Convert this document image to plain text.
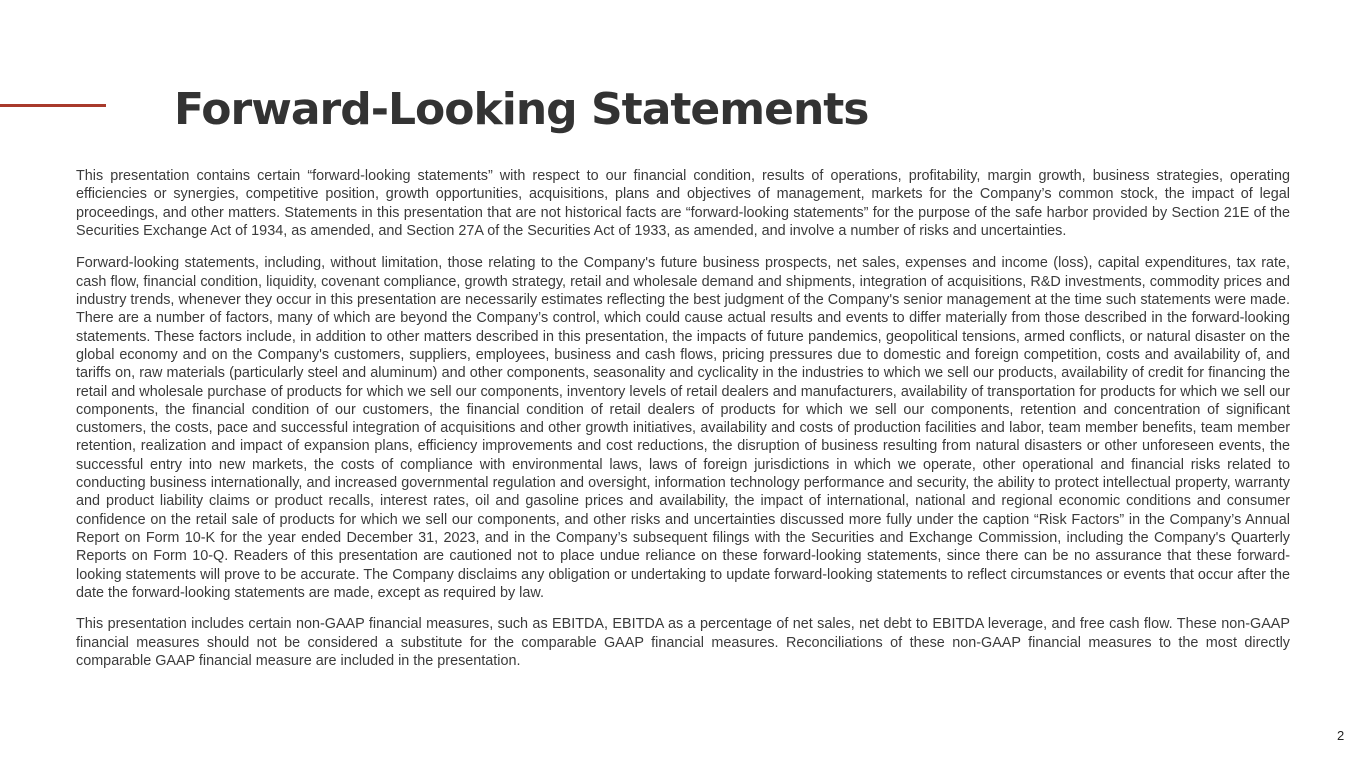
Forward-Looking Statements

This presentation contains certain “forward-looking statements” with respect to our financial condition, results of operations, profitability, margin growth, business strategies, operating efficiencies or synergies, competitive position, growth opportunities, acquisitions, plans and objectives of management, markets for the Company’s common stock, the impact of legal proceedings, and other matters. Statements in this presentation that are not historical facts are “forward-looking statements” for the purpose of the safe harbor provided by Section 21E of the Securities Exchange Act of 1934, as amended, and Section 27A of the Securities Act of 1933, as amended, and involve a number of risks and uncertainties.

Forward-looking statements, including, without limitation, those relating to the Company's future business prospects, net sales, expenses and income (loss), capital expenditures, tax rate, cash flow, financial condition, liquidity, covenant compliance, growth strategy, retail and wholesale demand and shipments, integration of acquisitions, R&D investments, commodity prices and industry trends, whenever they occur in this presentation are necessarily estimates reflecting the best judgment of the Company's senior management at the time such statements were made. There are a number of factors, many of which are beyond the Company’s control, which could cause actual results and events to differ materially from those described in the forward-looking statements. These factors include, in addition to other matters described in this presentation, the impacts of future pandemics, geopolitical tensions, armed conflicts, or natural disaster on the global economy and on the Company's customers, suppliers, employees, business and cash flows, pricing pressures due to domestic and foreign competition, costs and availability of, and tariffs on, raw materials (particularly steel and aluminum) and other components, seasonality and cyclicality in the industries to which we sell our products, availability of credit for financing the retail and wholesale purchase of products for which we sell our components, inventory levels of retail dealers and manufacturers, availability of transportation for products for which we sell our components, the financial condition of our customers, the financial condition of retail dealers of products for which we sell our components, retention and concentration of significant customers, the costs, pace and successful integration of acquisitions and other growth initiatives, availability and costs of production facilities and labor, team member benefits, team member retention, realization and impact of expansion plans, efficiency improvements and cost reductions, the disruption of business resulting from natural disasters or other unforeseen events, the successful entry into new markets, the costs of compliance with environmental laws, laws of foreign jurisdictions in which we operate, other operational and financial risks related to conducting business internationally, and increased governmental regulation and oversight, information technology performance and security, the ability to protect intellectual property, warranty and product liability claims or product recalls, interest rates, oil and gasoline prices and availability, the impact of international, national and regional economic conditions and consumer confidence on the retail sale of products for which we sell our components, and other risks and uncertainties discussed more fully under the caption “Risk Factors” in the Company’s Annual Report on Form 10-K for the year ended December 31, 2023, and in the Company’s subsequent filings with the Securities and Exchange Commission, including the Company's Quarterly Reports on Form 10-Q. Readers of this presentation are cautioned not to place undue reliance on these forward-looking statements, since there can be no assurance that these forward-looking statements will prove to be accurate. The Company disclaims any obligation or undertaking to update forward-looking statements to reflect circumstances or events that occur after the date the forward-looking statements are made, except as required by law.

This presentation includes certain non-GAAP financial measures, such as EBITDA, EBITDA as a percentage of net sales, net debt to EBITDA leverage, and free cash flow. These non-GAAP financial measures should not be considered a substitute for the comparable GAAP financial measures. Reconciliations of these non-GAAP financial measures to the most directly comparable GAAP financial measure are included in the presentation.

2
